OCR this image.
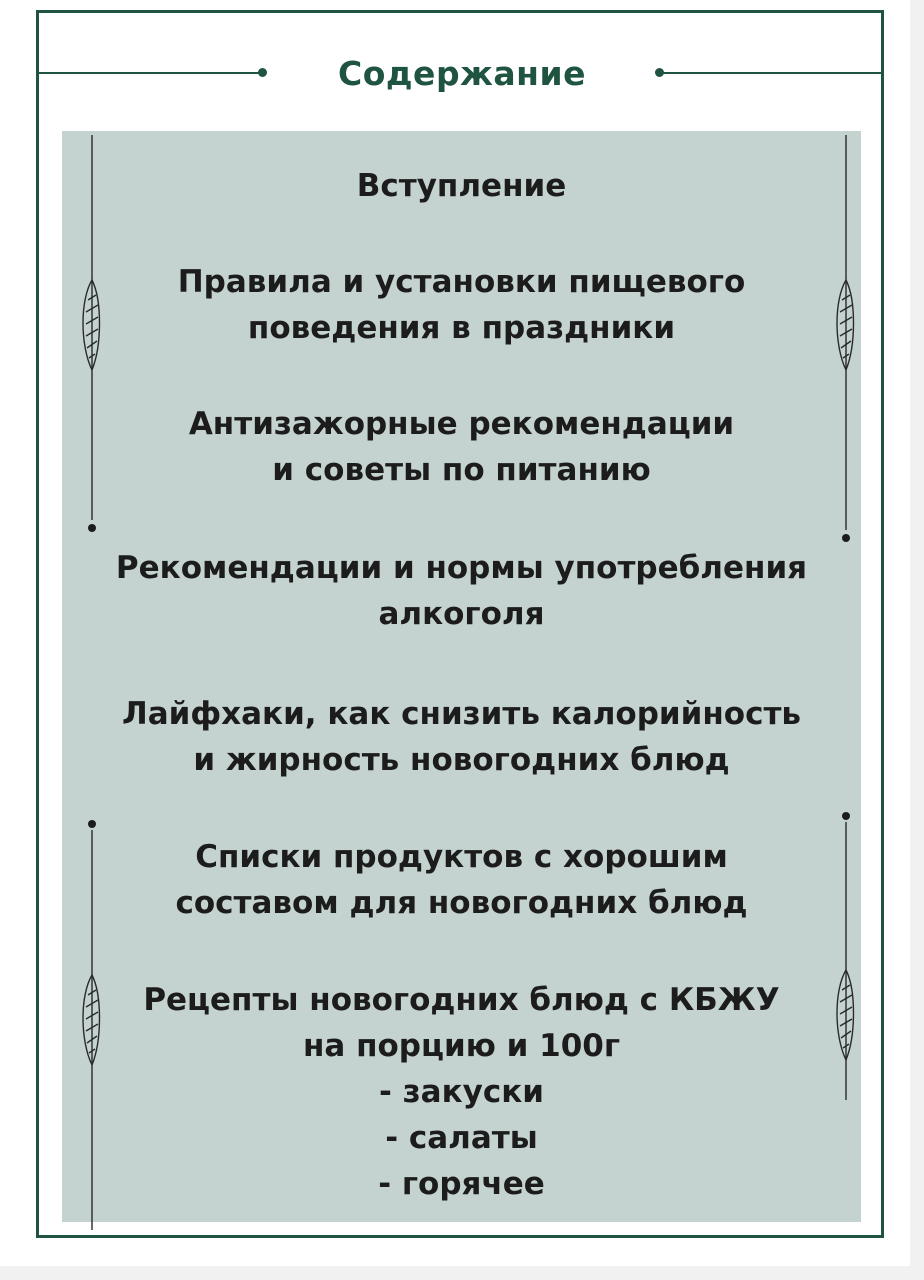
Содержание
Вступление
Правила и установки пищевого
поведения в праздники
Антизажорные рекомендации
и советы по питанию
Рекомендации и нормы употребления
алкоголя
Лайфхаки, как снизить калорийность
и жирность новогодних блюд
Списки продуктов с хорошим
составом для новогодних блюд
Рецепты новогодних блюд с КБЖУ
на порцию и 100г
- закуски
- салаты
- горячее
